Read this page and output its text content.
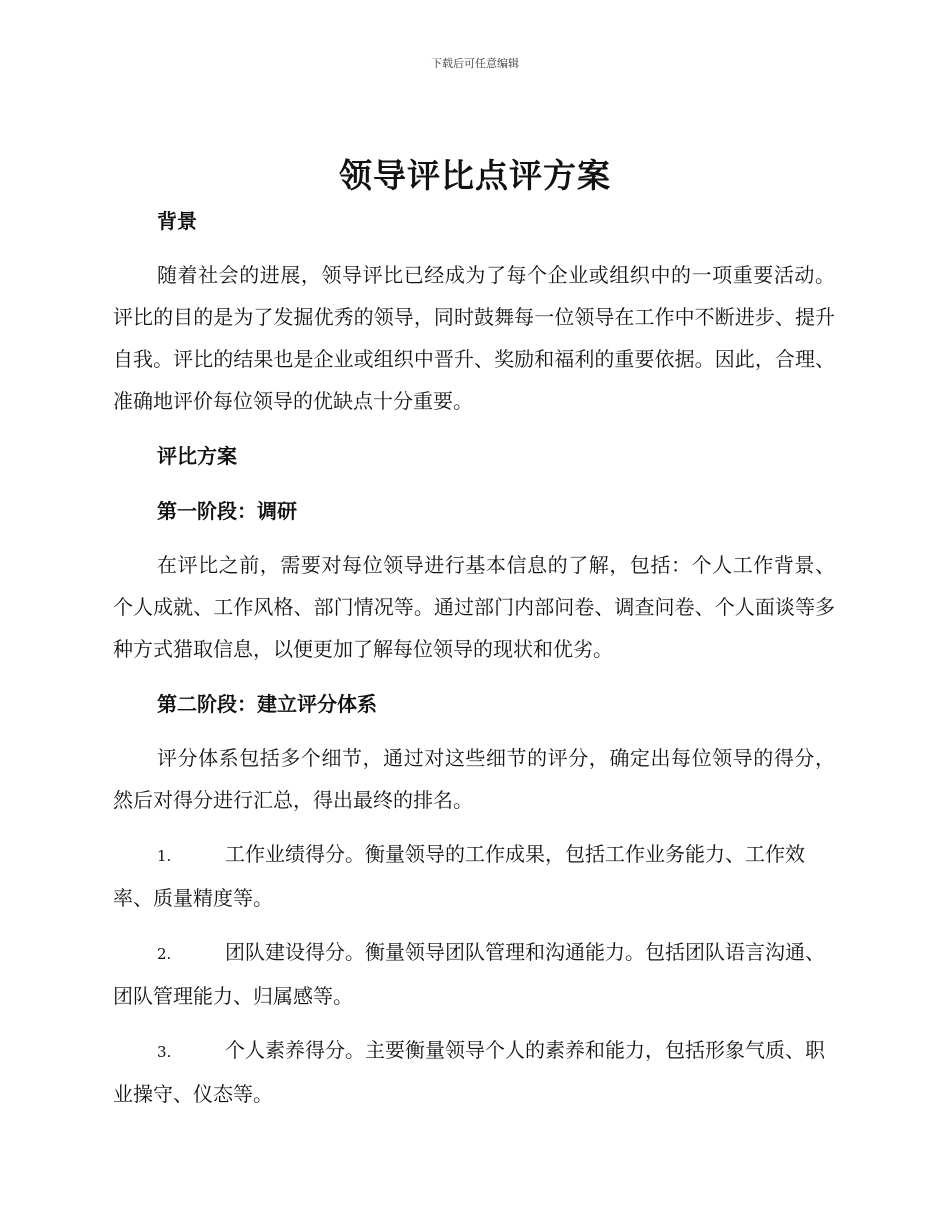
下载后可任意编辑
领导评比点评方案
背景

随着社会的进展，领导评比已经成为了每个企业或组织中的一项重要活动。评比的目的是为了发掘优秀的领导，同时鼓舞每一位领导在工作中不断进步、提升自我。评比的结果也是企业或组织中晋升、奖励和福利的重要依据。因此，合理、准确地评价每位领导的优缺点十分重要。

评比方案
第一阶段：调研

在评比之前，需要对每位领导进行基本信息的了解，包括：个人工作背景、个人成就、工作风格、部门情况等。通过部门内部问卷、调查问卷、个人面谈等多种方式猎取信息，以便更加了解每位领导的现状和优劣。

第二阶段：建立评分体系

评分体系包括多个细节，通过对这些细节的评分，确定出每位领导的得分，然后对得分进行汇总，得出最终的排名。

1.	工作业绩得分。衡量领导的工作成果，包括工作业务能力、工作效率、质量精度等。

2.	团队建设得分。衡量领导团队管理和沟通能力。包括团队语言沟通、团队管理能力、归属感等。

3.	个人素养得分。主要衡量领导个人的素养和能力，包括形象气质、职业操守、仪态等。
